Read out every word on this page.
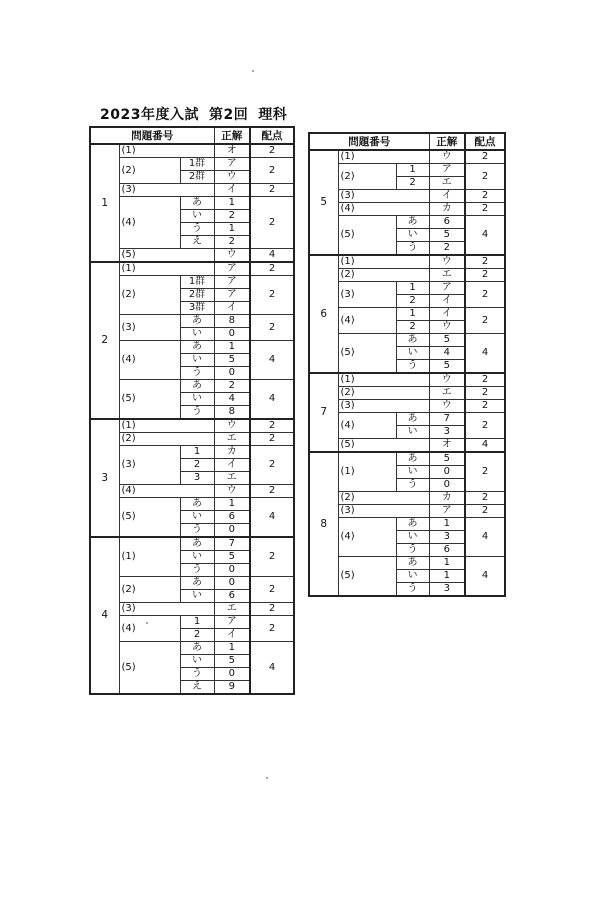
2023年度入試 第2回 理科
問題番号			正解	配点
1	(1)		オ	2
	(2)	1群	ア	2
		2群	ウ	
	(3)		イ	2
	(4)	あ	1	2
		い	2	
		う	1	
		え	2	
	(5)		ウ	4
2	(1)		ア	2
	(2)	1群	ア	2
		2群	ア	
		3群	イ	
	(3)	あ	8	2
		い	0	
	(4)	あ	1	4
		い	5	
		う	0	
	(5)	あ	2	4
		い	4	
		う	8	
3	(1)		ウ	2
	(2)		エ	2
	(3)	1	カ	2
		2	イ	
		3	エ	
	(4)		ウ	2
	(5)	あ	1	4
		い	6	
		う	0	
4	(1)	あ	7	2
		い	5	
		う	0	
	(2)	あ	0	2
		い	6	
	(3)		エ	2
	(4)	1	ア	2
		2	イ	
	(5)	あ	1	4
		い	5	
		う	0	
		え	9	
問題番号			正解	配点
5	(1)		ウ	2
	(2)	1	ア	2
		2	エ	
	(3)		イ	2
	(4)		カ	2
	(5)	あ	6	4
		い	5	
		う	2	
6	(1)		ウ	2
	(2)		エ	2
	(3)	1	ア	2
		2	イ	
	(4)	1	イ	2
		2	ウ	
	(5)	あ	5	4
		い	4	
		う	5	
7	(1)		ウ	2
	(2)		エ	2
	(3)		ウ	2
	(4)	あ	7	2
		い	3	
	(5)		オ	4
8	(1)	あ	5	2
		い	0	
		う	0	
	(2)		カ	2
	(3)		ア	2
	(4)	あ	1	4
		い	3	
		う	6	
	(5)	あ	1	4
		い	1	
		う	3	
